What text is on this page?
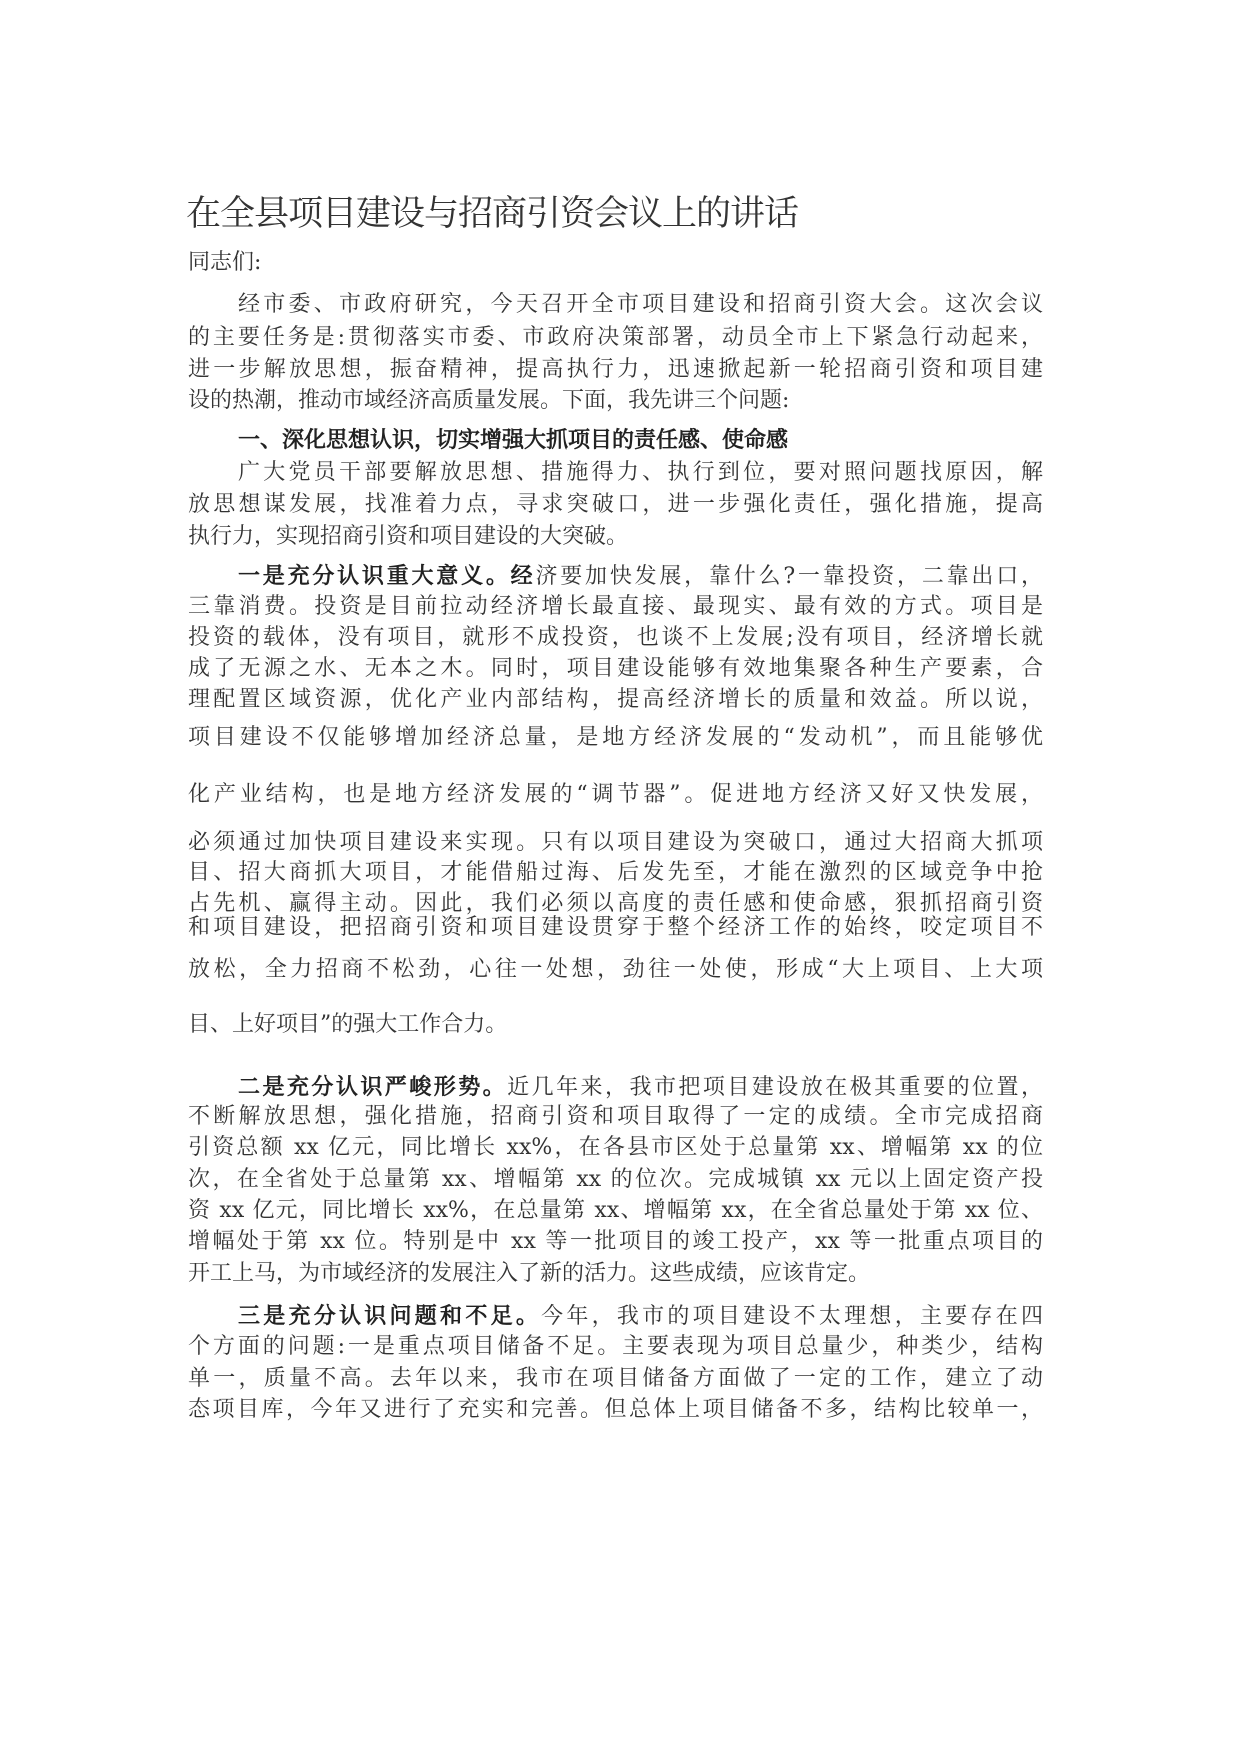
在全县项目建设与招商引资会议上的讲话
同志们:
经市委、市政府研究，今天召开全市项目建设和招商引资大会。这次会议
的主要任务是:贯彻落实市委、市政府决策部署，动员全市上下紧急行动起来，
进一步解放思想，振奋精神，提高执行力，迅速掀起新一轮招商引资和项目建
设的热潮，推动市域经济高质量发展。下面，我先讲三个问题:
一、深化思想认识，切实增强大抓项目的责任感、使命感
广大党员干部要解放思想、措施得力、执行到位，要对照问题找原因，解
放思想谋发展，找准着力点，寻求突破口，进一步强化责任，强化措施，提高
执行力，实现招商引资和项目建设的大突破。
一是充分认识重大意义。经济要加快发展，靠什么?一靠投资，二靠出口，
三靠消费。投资是目前拉动经济增长最直接、最现实、最有效的方式。项目是
投资的载体，没有项目，就形不成投资，也谈不上发展;没有项目，经济增长就
成了无源之水、无本之木。同时，项目建设能够有效地集聚各种生产要素，合
理配置区域资源，优化产业内部结构，提高经济增长的质量和效益。所以说，
项目建设不仅能够增加经济总量，是地方经济发展的“发动机”，而且能够优
化产业结构，也是地方经济发展的“调节器”。促进地方经济又好又快发展，
必须通过加快项目建设来实现。只有以项目建设为突破口，通过大招商大抓项
目、招大商抓大项目，才能借船过海、后发先至，才能在激烈的区域竞争中抢
占先机、赢得主动。因此，我们必须以高度的责任感和使命感，狠抓招商引资
和项目建设，把招商引资和项目建设贯穿于整个经济工作的始终，咬定项目不
放松，全力招商不松劲，心往一处想，劲往一处使，形成“大上项目、上大项
目、上好项目”的强大工作合力。
二是充分认识严峻形势。近几年来，我市把项目建设放在极其重要的位置，
不断解放思想，强化措施，招商引资和项目取得了一定的成绩。全市完成招商
引资总额 xx 亿元，同比增长 xx%，在各县市区处于总量第 xx、增幅第 xx 的位
次，在全省处于总量第 xx、增幅第 xx 的位次。完成城镇 xx 元以上固定资产投
资 xx 亿元，同比增长 xx%，在总量第 xx、增幅第 xx，在全省总量处于第 xx 位、
增幅处于第 xx 位。特别是中 xx 等一批项目的竣工投产，xx 等一批重点项目的
开工上马，为市域经济的发展注入了新的活力。这些成绩，应该肯定。
三是充分认识问题和不足。今年，我市的项目建设不太理想，主要存在四
个方面的问题:一是重点项目储备不足。主要表现为项目总量少，种类少，结构
单一，质量不高。去年以来，我市在项目储备方面做了一定的工作，建立了动
态项目库，今年又进行了充实和完善。但总体上项目储备不多，结构比较单一，
